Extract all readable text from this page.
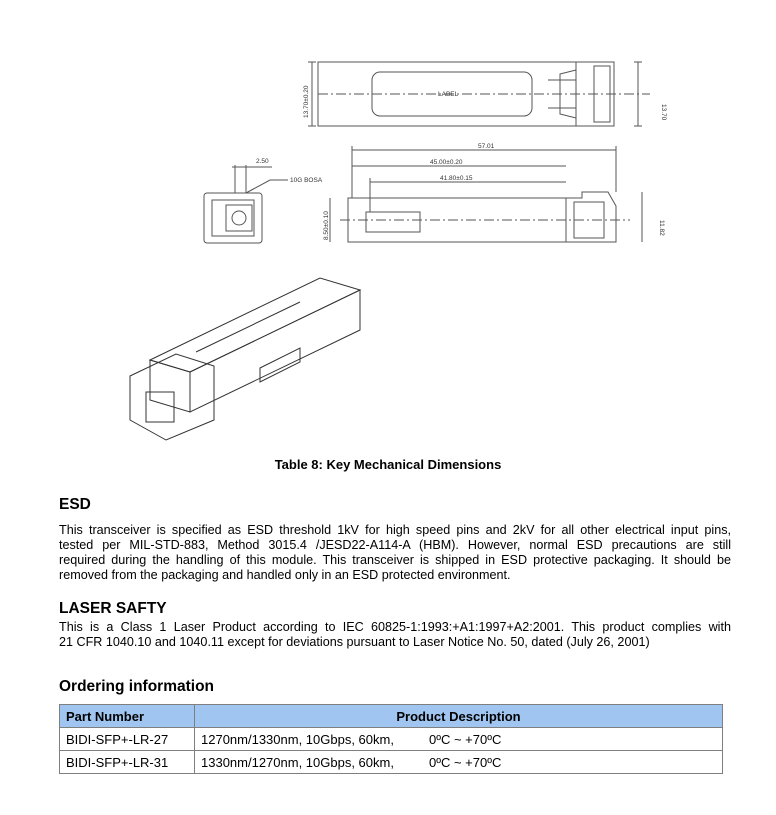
LABEL
13.70
13.70±0.20
2.50
10G BOSA
57.01
45.00±0.20
41.80±0.15
8.50±0.10	11.82
Table 8: Key Mechanical Dimensions
ESD
This transceiver is specified as ESD threshold 1kV for high speed pins and 2kV for all other electrical input pins,
tested per MIL-STD-883, Method 3015.4 /JESD22-A114-A (HBM). However, normal ESD precautions are still
required during the handling of this module. This transceiver is shipped in ESD protective packaging. It should be
removed from the packaging and handled only in an ESD protected environment.
LASER SAFTY
This is a Class 1 Laser Product according to IEC 60825-1:1993:+A1:1997+A2:2001. This product complies with
21 CFR 1040.10 and 1040.11 except for deviations pursuant to Laser Notice No. 50, dated (July 26, 2001)
Ordering information
Part Number	Product Description
BIDI-SFP+-LR-27	1270nm/1330nm, 10Gbps, 60km, 0ºC ~ +70ºC
BIDI-SFP+-LR-31	1330nm/1270nm, 10Gbps, 60km, 0ºC ~ +70ºC
